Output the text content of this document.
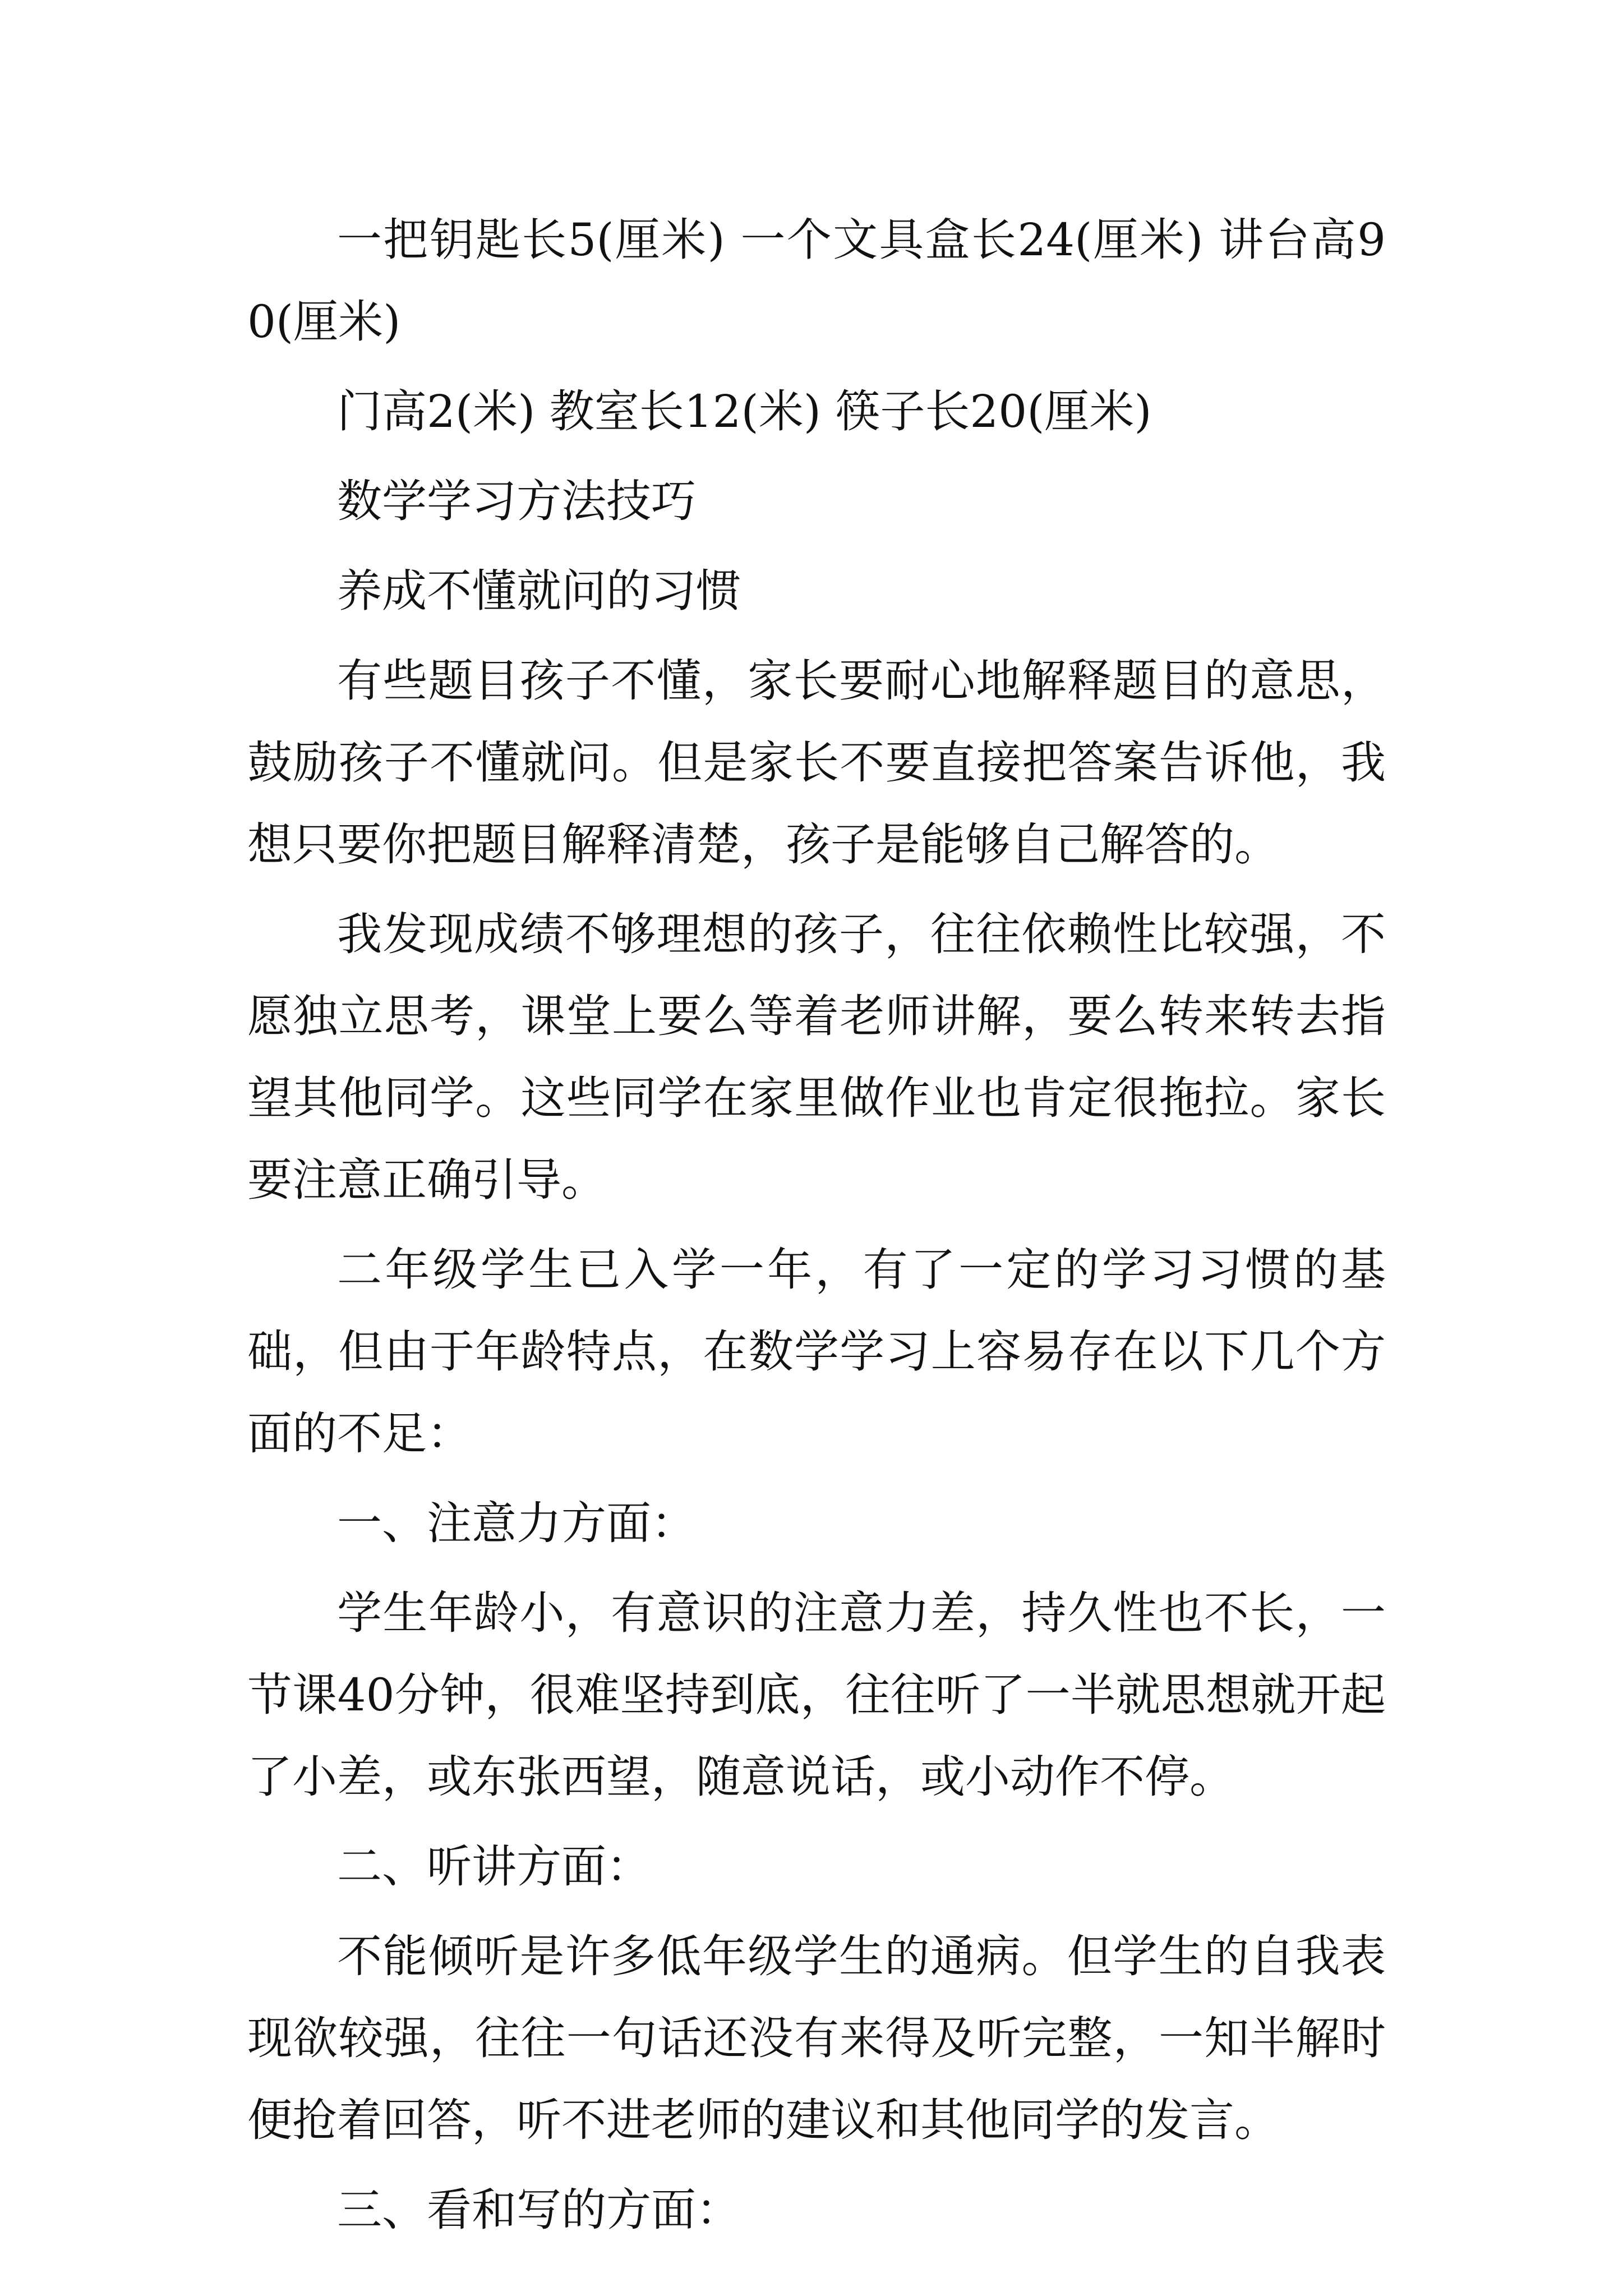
一把钥匙长5(厘米) 一个文具盒长24(厘米) 讲台高90(厘米)

门高2(米) 教室长12(米) 筷子长20(厘米)

数学学习方法技巧

养成不懂就问的习惯

有些题目孩子不懂，家长要耐心地解释题目的意思，鼓励孩子不懂就问。但是家长不要直接把答案告诉他，我想只要你把题目解释清楚，孩子是能够自己解答的。

我发现成绩不够理想的孩子，往往依赖性比较强，不愿独立思考，课堂上要么等着老师讲解，要么转来转去指望其他同学。这些同学在家里做作业也肯定很拖拉。家长要注意正确引导。

二年级学生已入学一年，有了一定的学习习惯的基础，但由于年龄特点，在数学学习上容易存在以下几个方面的不足：

一、注意力方面：

学生年龄小，有意识的注意力差，持久性也不长，一节课40分钟，很难坚持到底，往往听了一半就思想就开起了小差，或东张西望，随意说话，或小动作不停。

二、听讲方面：

不能倾听是许多低年级学生的通病。但学生的自我表现欲较强，往往一句话还没有来得及听完整，一知半解时便抢着回答，听不进老师的建议和其他同学的发言。

三、看和写的方面：
